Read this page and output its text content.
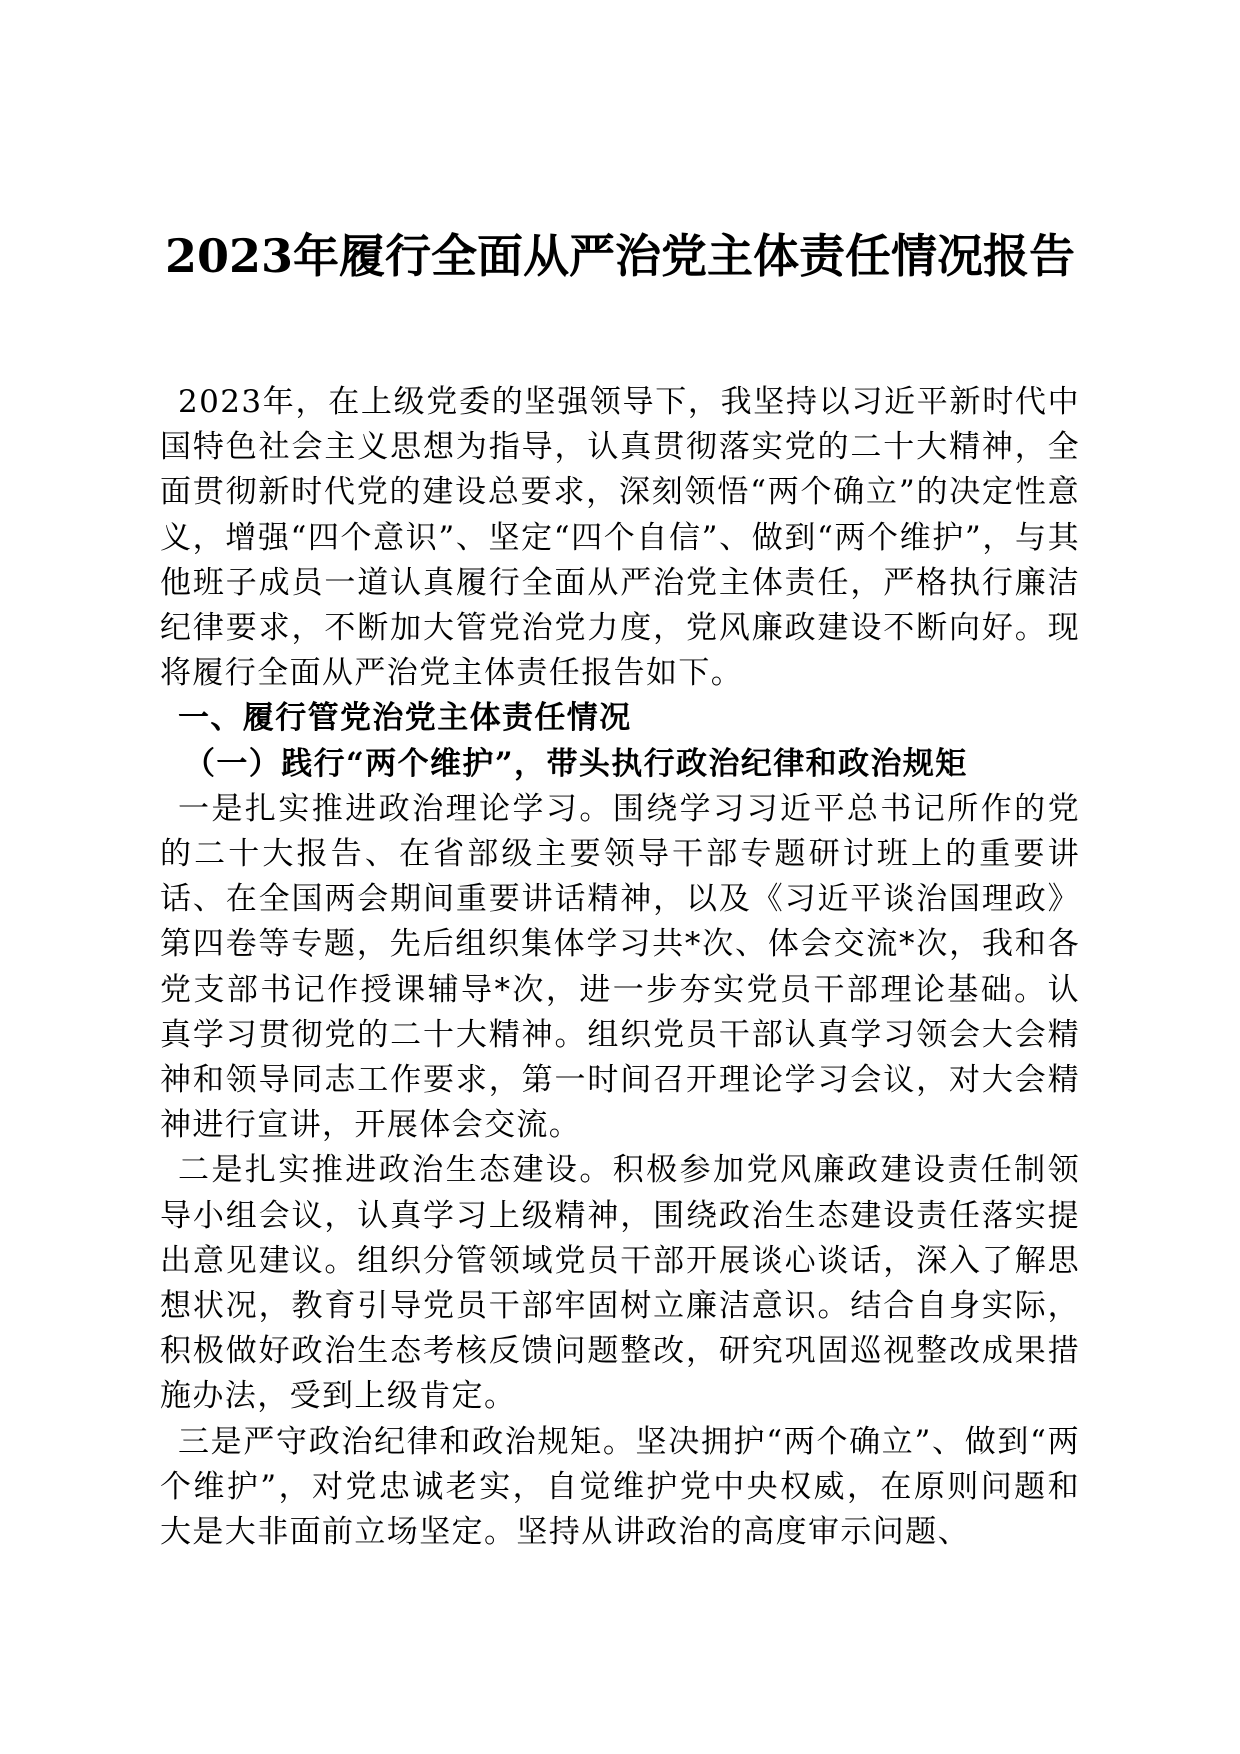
2023年履行全面从严治党主体责任情况报告

2023年，在上级党委的坚强领导下，我坚持以习近平新时代中国特色社会主义思想为指导，认真贯彻落实党的二十大精神，全面贯彻新时代党的建设总要求，深刻领悟“两个确立”的决定性意义，增强“四个意识”、坚定“四个自信”、做到“两个维护”，与其他班子成员一道认真履行全面从严治党主体责任，严格执行廉洁纪律要求，不断加大管党治党力度，党风廉政建设不断向好。现将履行全面从严治党主体责任报告如下。

一、履行管党治党主体责任情况

（一）践行“两个维护”，带头执行政治纪律和政治规矩

一是扎实推进政治理论学习。围绕学习习近平总书记所作的党的二十大报告、在省部级主要领导干部专题研讨班上的重要讲话、在全国两会期间重要讲话精神，以及《习近平谈治国理政》第四卷等专题，先后组织集体学习共*次、体会交流*次，我和各党支部书记作授课辅导*次，进一步夯实党员干部理论基础。认真学习贯彻党的二十大精神。组织党员干部认真学习领会大会精神和领导同志工作要求，第一时间召开理论学习会议，对大会精神进行宣讲，开展体会交流。

二是扎实推进政治生态建设。积极参加党风廉政建设责任制领导小组会议，认真学习上级精神，围绕政治生态建设责任落实提出意见建议。组织分管领域党员干部开展谈心谈话，深入了解思想状况，教育引导党员干部牢固树立廉洁意识。结合自身实际，积极做好政治生态考核反馈问题整改，研究巩固巡视整改成果措施办法，受到上级肯定。

三是严守政治纪律和政治规矩。坚决拥护“两个确立”、做到“两个维护”，对党忠诚老实，自觉维护党中央权威，在原则问题和大是大非面前立场坚定。坚持从讲政治的高度审示问题、
